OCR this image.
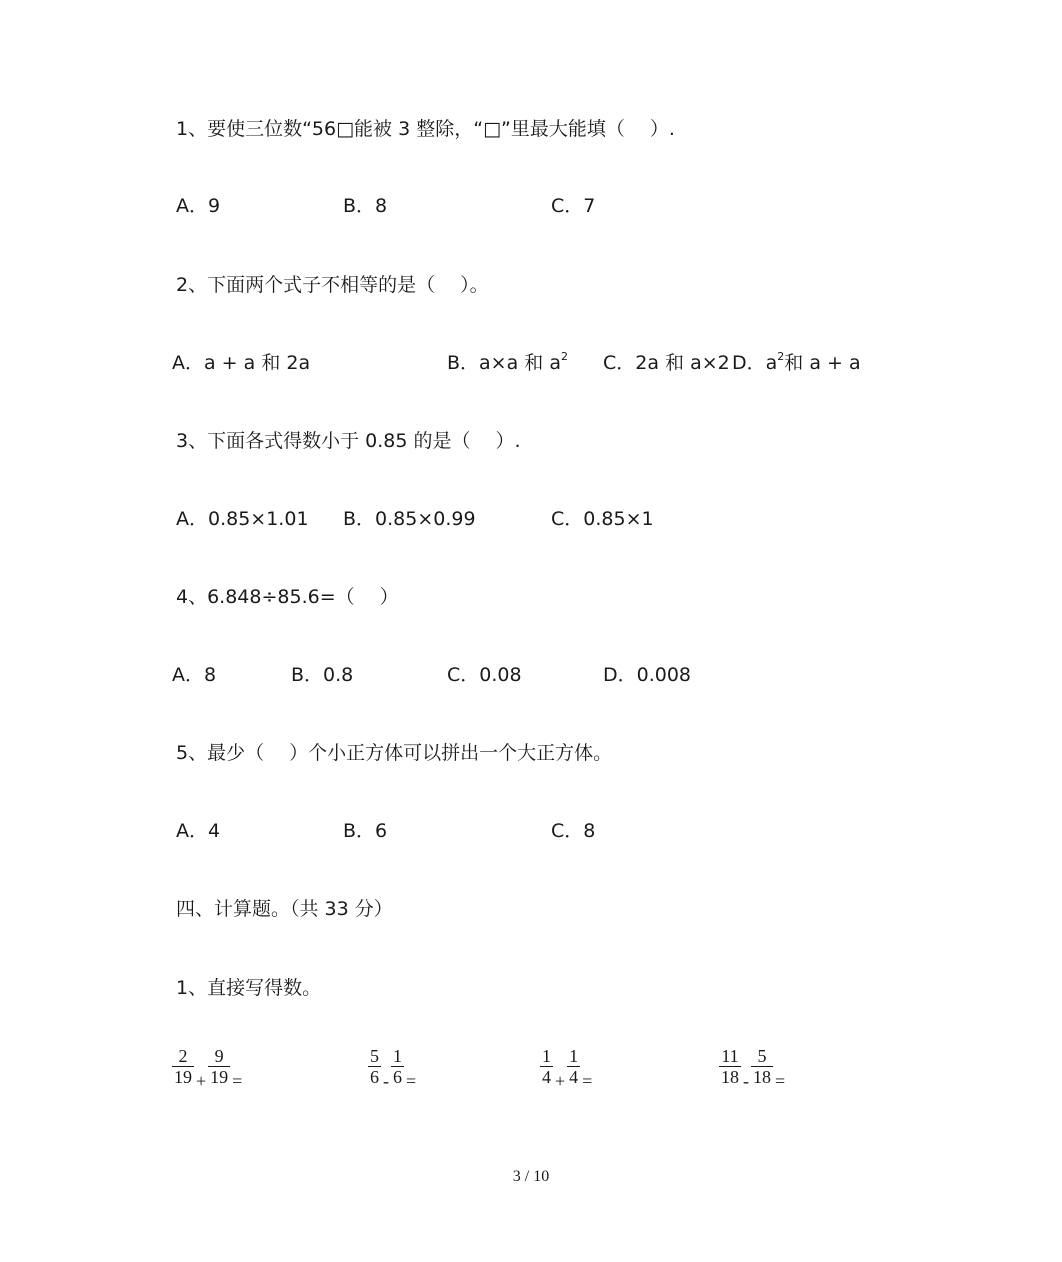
1、要使三位数“56□能被 3 整除，“□”里最大能填（　 ）.
A．9	B．8	C．7
2、下面两个式子不相等的是（　 ）。
A．a + a 和 2a	B．a×a 和 $a^2$ C．2a 和 a×2 D．$a^2$和 a + a
3、下面各式得数小于 0.85 的是（　 ）.
A．0.85×1.01 B．0.85×0.99	C．0.85×1
4、6.848÷85.6=（　 ）
A．8	B．0.8	C．0.08	D．0.008
5、最少（　 ）个小正方体可以拼出一个大正方体。
A．4	B．6	C．8
四、计算题。（共 33 分）
1、直接写得数。
$\frac{2}{19} + \frac{9}{19}$ =	$\frac{5}{6} - \frac{1}{6}$ =	$\frac{1}{4} + \frac{1}{4}$ =	$\frac{11}{18} - \frac{5}{18}$ =
3 / 10
